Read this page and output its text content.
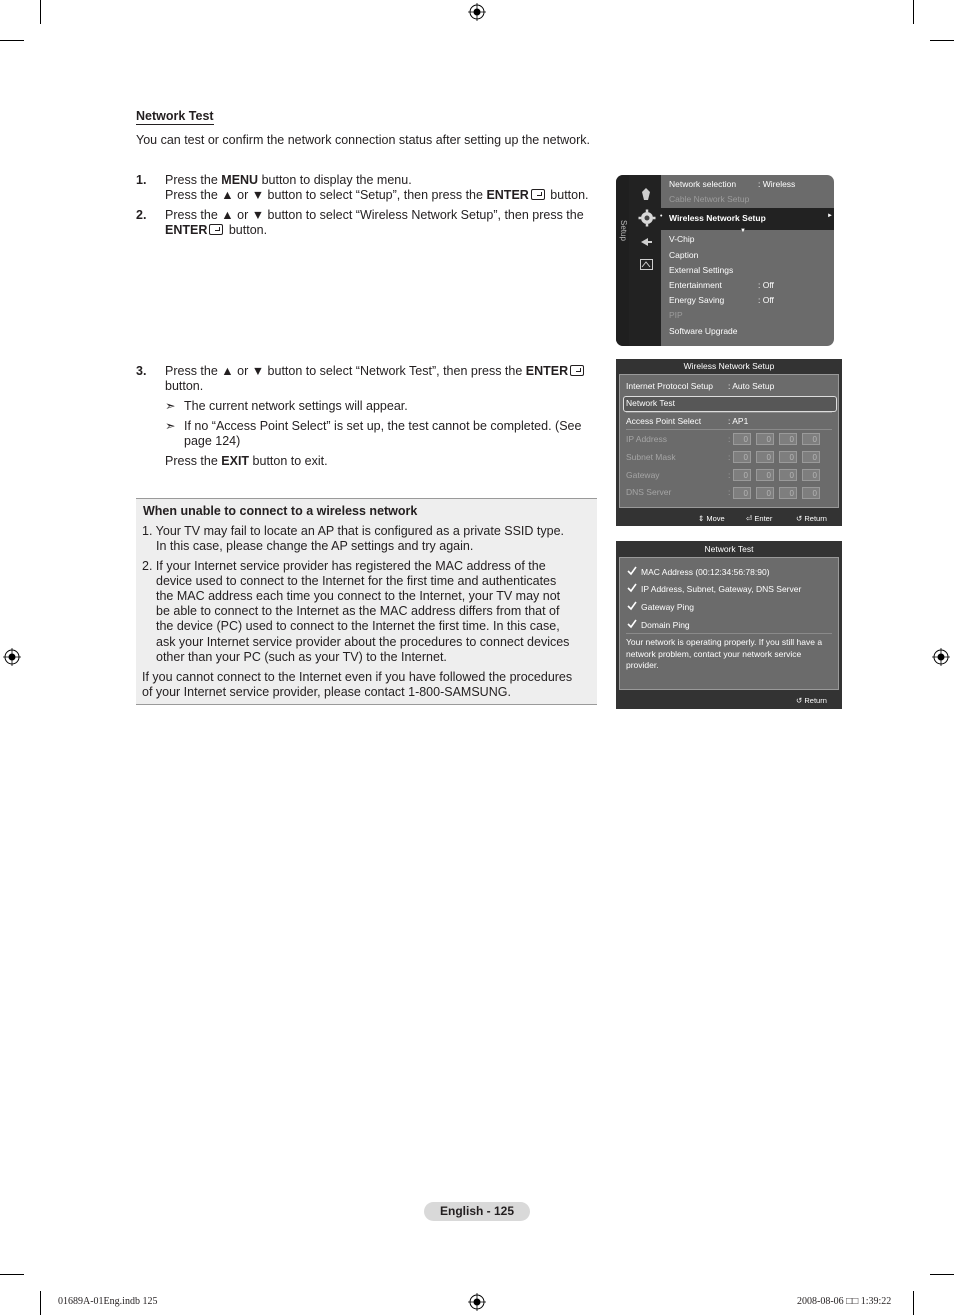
Network Test
You can test or confirm the network connection status after setting up the network.
1. Press the MENU button to display the menu.
Press the ▲ or ▼ button to select “Setup”, then press the ENTER button.
2. Press the ▲ or ▼ button to select “Wireless Network Setup”, then press the
ENTER button.
3. Press the ▲ or ▼ button to select “Network Test”, then press the ENTER
button.
➣ The current network settings will appear.
➣ If no “Access Point Select” is set up, the test cannot be completed. (See
page 124)
Press the EXIT button to exit.
When unable to connect to a wireless network
1. Your TV may fail to locate an AP that is configured as a private SSID type.
In this case, please change the AP settings and try again.
2. If your Internet service provider has registered the MAC address of the
device used to connect to the Internet for the first time and authenticates
the MAC address each time you connect to the Internet, your TV may not
be able to connect to the Internet as the MAC address differs from that of
the device (PC) used to connect to the Internet the first time. In this case,
ask your Internet service provider about the procedures to connect devices
other than your PC (such as your TV) to the Internet.
If you cannot connect to the Internet even if you have followed the procedures
of your Internet service provider, please contact 1-800-SAMSUNG.
Setup
Network selection	: Wireless
Cable Network Setup
• Wireless Network Setup	►
▼
V-Chip
Caption
External Settings
Entertainment	: Off
Energy Saving	: Off
PIP
Software Upgrade
Wireless Network Setup
Internet Protocol Setup : Auto Setup
Network Test
Access Point Select	: AP1
IP Address	:	0	0	0	0
Subnet Mask	:	0	0	0	0
Gateway	:	0	0	0	0
DNS Server	:	0	0	0	0
⇕ Move	⏎ Enter	↺ Return
Network Test
MAC Address (00:12:34:56:78:90)
IP Address, Subnet, Gateway, DNS Server
Gateway Ping
Domain Ping
Your network is operating properly. If you still have a network problem, contact your network service provider.
↺ Return
English - 125
01689A-01Eng.indb 125	2008-08-06 □□ 1:39:22
